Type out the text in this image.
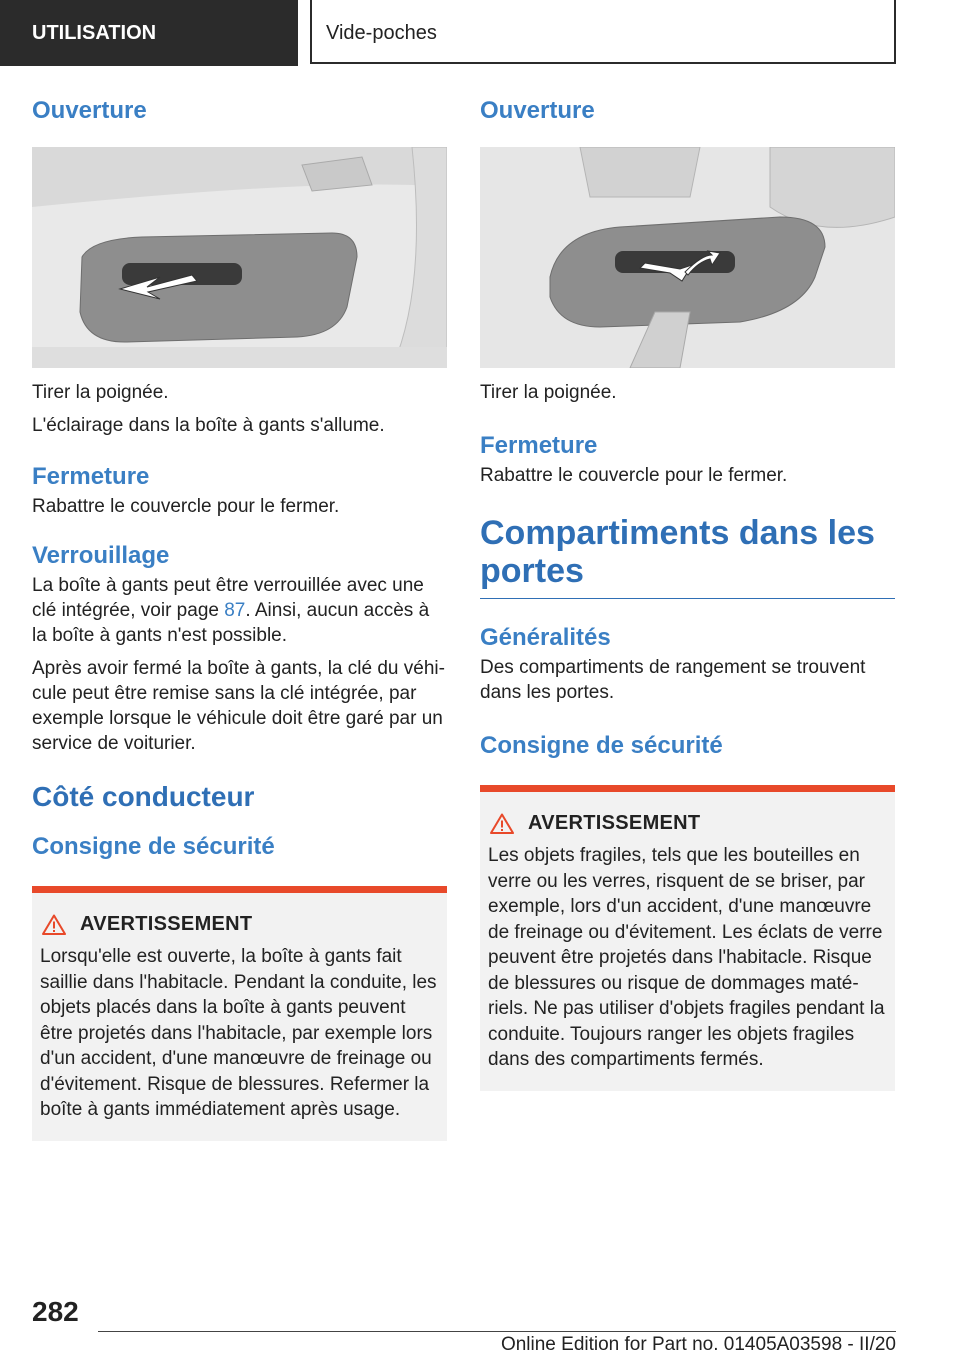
UTILISATION	Vide-poches
Ouverture

Tirer la poignée.

L'éclairage dans la boîte à gants s'allume.

Fermeture

Rabattre le couvercle pour le fermer.

Verrouillage

La boîte à gants peut être verrouillée avec une clé intégrée, voir page 87. Ainsi, aucun accès à la boîte à gants n'est possible.

Après avoir fermé la boîte à gants, la clé du véhicule peut être remise sans la clé intégrée, par exemple lorsque le véhicule doit être garé par un service de voiturier.

Côté conducteur
Consigne de sécurité
AVERTISSEMENT

Lorsqu'elle est ouverte, la boîte à gants fait saillie dans l'habitacle. Pendant la conduite, les objets placés dans la boîte à gants peuvent être projetés dans l'habitacle, par exemple lors d'un accident, d'une manœuvre de freinage ou d'évitement. Risque de blessures. Refermer la boîte à gants immédiatement après usage.

Ouverture

Tirer la poignée.

Fermeture

Rabattre le couvercle pour le fermer.

Compartiments dans les portes
Généralités

Des compartiments de rangement se trouvent dans les portes.

Consigne de sécurité
AVERTISSEMENT

Les objets fragiles, tels que les bouteilles en verre ou les verres, risquent de se briser, par exemple, lors d'un accident, d'une manœuvre de freinage ou d'évitement. Les éclats de verre peuvent être projetés dans l'habitacle. Risque de blessures ou risque de dommages matériels. Ne pas utiliser d'objets fragiles pendant la conduite. Toujours ranger les objets fragiles dans des compartiments fermés.

282
Online Edition for Part no. 01405A03598 - II/20
